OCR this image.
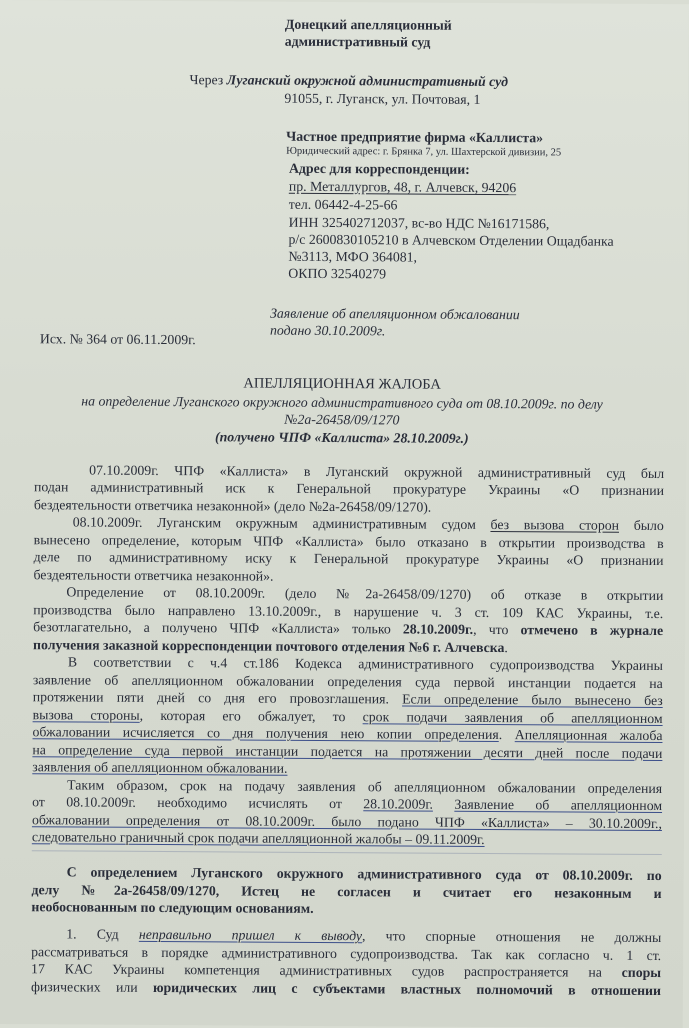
Донецкий апелляционный
административный суд
Через Луганский окружной административный суд
91055, г. Луганск, ул. Почтовая, 1
Частное предприятие фирма «Каллиста»
Юридический адрес: г. Брянка 7, ул. Шахтерской дивизии, 25
Адрес для корреспонденции:
пр. Металлургов, 48, г. Алчевск, 94206
тел. 06442-4-25-66
ИНН 325402712037, вс-во НДС №16171586,
р/с 2600830105210 в Алчевском Отделении Ощадбанка
№3113, МФО 364081,
ОКПО 32540279
Заявление об апелляционном обжаловании
подано 30.10.2009г.
Исх. № 364 от 06.11.2009г.
АПЕЛЛЯЦИОННАЯ ЖАЛОБА
на определение Луганского окружного административного суда от 08.10.2009г. по делу
№2а-26458/09/1270
(получено ЧПФ «Каллиста» 28.10.2009г.)
07.10.2009г. ЧПФ «Каллиста» в Луганский окружной административный суд был
подан административный иск к Генеральной прокуратуре Украины «О признании
бездеятельности ответчика незаконной» (дело №2а-26458/09/1270).
08.10.2009г. Луганским окружным административным судом без вызова сторон было
вынесено определение, которым ЧПФ «Каллиста» было отказано в открытии производства в
деле по административному иску к Генеральной прокуратуре Украины «О признании
бездеятельности ответчика незаконной».
Определение от 08.10.2009г. (дело №2а-26458/09/1270) об отказе в открытии
производства было направлено 13.10.2009г., в нарушение ч. 3 ст. 109 КАС Украины, т.е.
безотлагательно, а получено ЧПФ «Каллиста» только 28.10.2009г., что отмечено в журнале
получения заказной корреспонденции почтового отделения №6 г. Алчевска.
В соответствии с ч.4 ст.186 Кодекса административного судопроизводства Украины
заявление об апелляционном обжаловании определения суда первой инстанции подается на
протяжении пяти дней со дня его провозглашения. Если определение было вынесено без
вызова стороны, которая его обжалует, то срок подачи заявления об апелляционном
обжаловании исчисляется со дня получения нею копии определения. Апелляционная жалоба
на определение суда первой инстанции подается на протяжении десяти дней после подачи
заявления об апелляционном обжаловании.
Таким образом, срок на подачу заявления об апелляционном обжаловании определения
от 08.10.2009г. необходимо исчислять от 28.10.2009г. Заявление об апелляционном
обжаловании определения от 08.10.2009г. было подано ЧПФ «Каллиста» – 30.10.2009г.,
следовательно граничный срок подачи апелляционной жалобы – 09.11.2009г.
С определением Луганского окружного административного суда от 08.10.2009г. по
делу №2а-26458/09/1270, Истец не согласен и считает его незаконным и
необоснованным по следующим основаниям.
1. Суд неправильно пришел к выводу, что спорные отношения не должны
рассматриваться в порядке административного судопроизводства. Так как согласно ч. 1 ст.
17 КАС Украины компетенция административных судов распространяется на споры
физических или юридических лиц с субъектами властных полномочий в отношении
